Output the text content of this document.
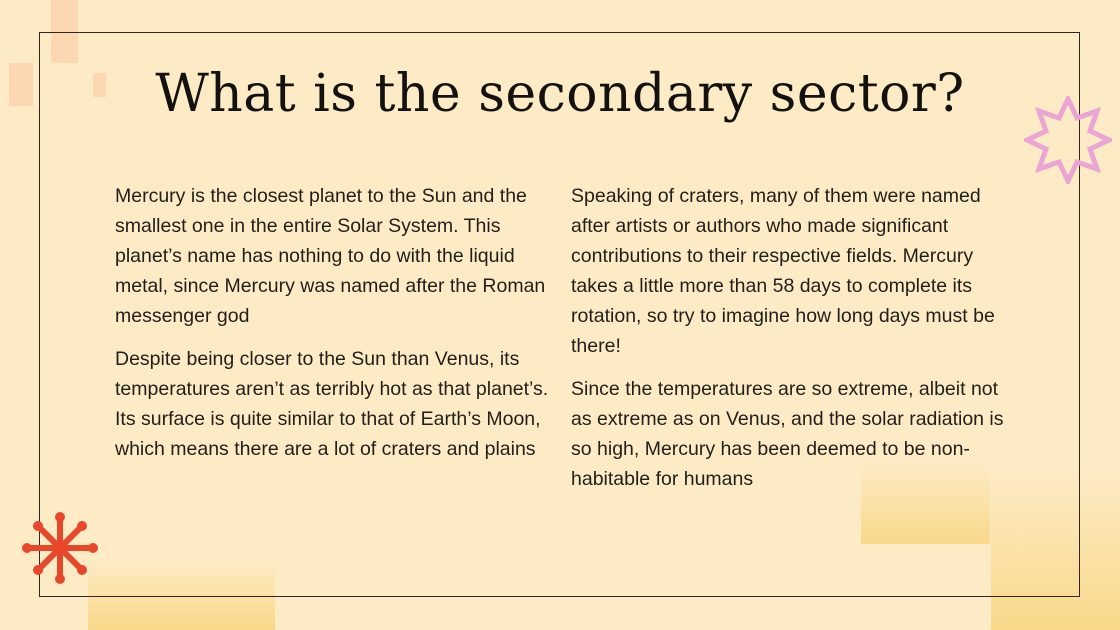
What is the secondary sector?

Mercury is the closest planet to the Sun and the smallest one in the entire Solar System. This planet’s name has nothing to do with the liquid metal, since Mercury was named after the Roman messenger god

Despite being closer to the Sun than Venus, its temperatures aren’t as terribly hot as that planet’s. Its surface is quite similar to that of Earth’s Moon, which means there are a lot of craters and plains

Speaking of craters, many of them were named after artists or authors who made significant contributions to their respective fields. Mercury takes a little more than 58 days to complete its rotation, so try to imagine how long days must be there!

Since the temperatures are so extreme, albeit not as extreme as on Venus, and the solar radiation is so high, Mercury has been deemed to be non-habitable for humans
